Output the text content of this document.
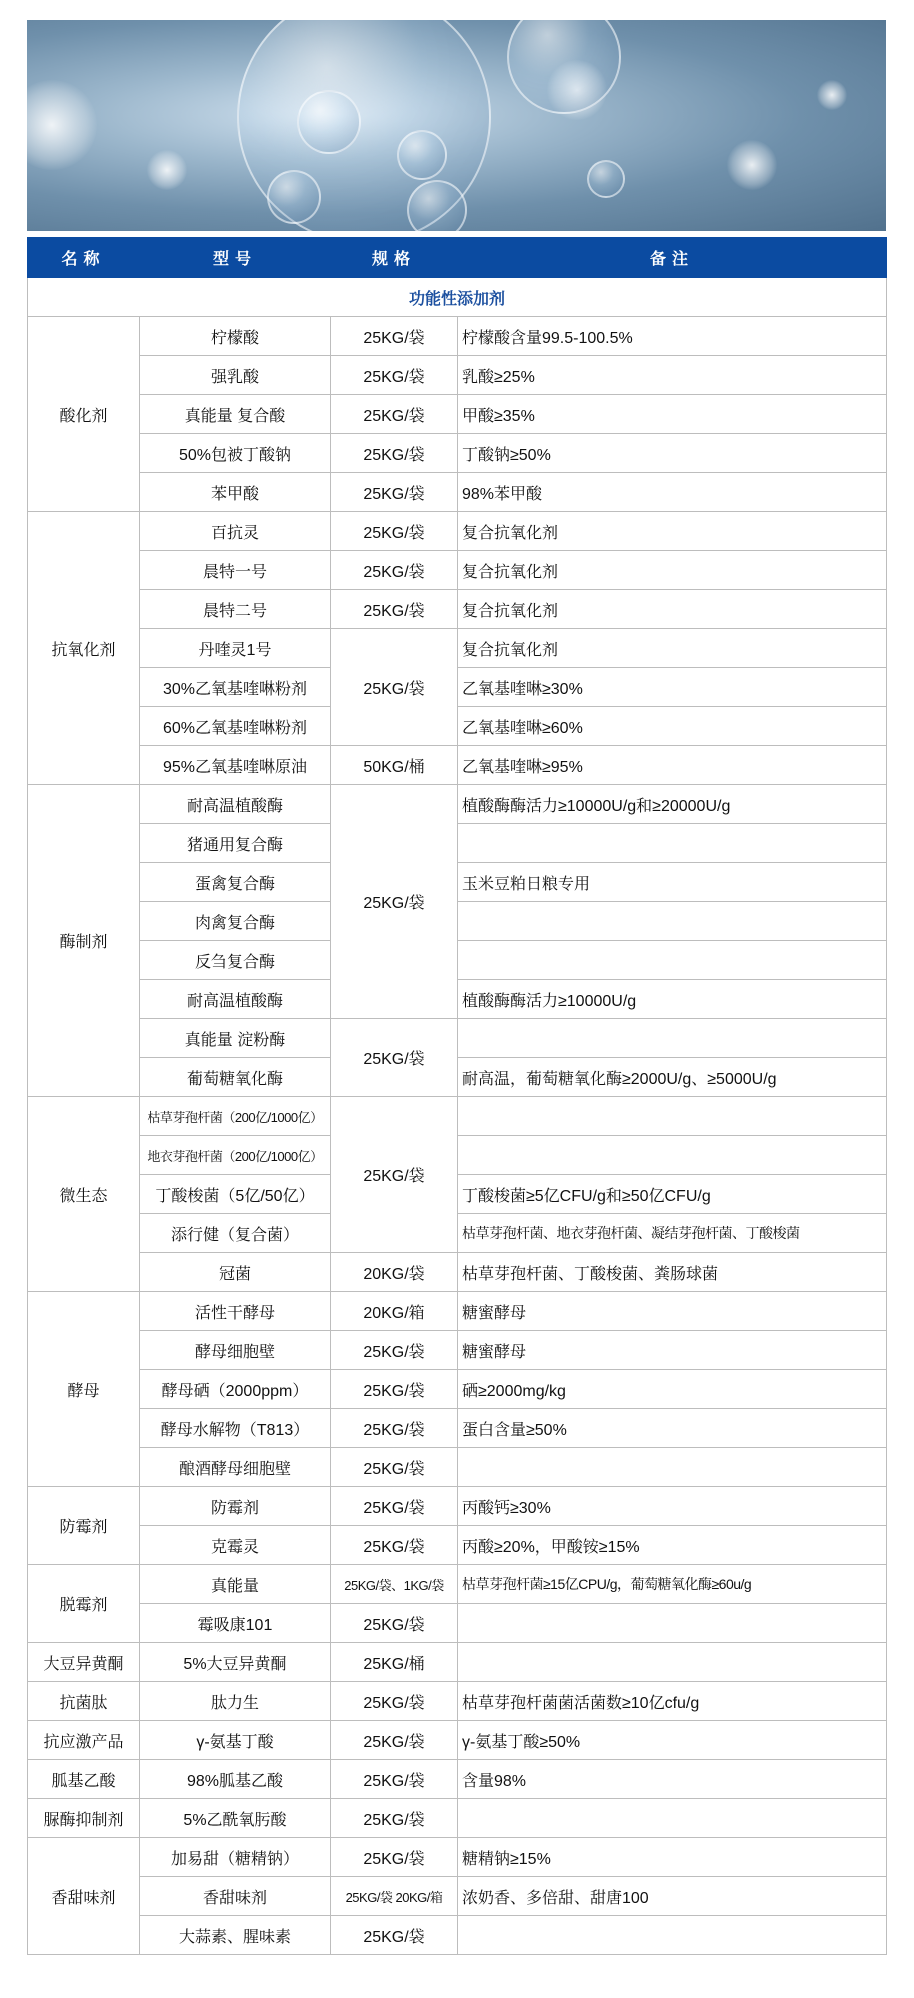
名称	型号	规格	备注
功能性添加剂			
酸化剂	柠檬酸	25KG/袋	柠檬酸含量99.5-100.5%
	强乳酸	25KG/袋	乳酸≥25%
	真能量 复合酸	25KG/袋	甲酸≥35%
	50%包被丁酸钠	25KG/袋	丁酸钠≥50%
	苯甲酸	25KG/袋	98%苯甲酸
抗氧化剂	百抗灵	25KG/袋	复合抗氧化剂
	晨特一号	25KG/袋	复合抗氧化剂
	晨特二号	25KG/袋	复合抗氧化剂
	丹喹灵1号	25KG/袋	复合抗氧化剂
	30%乙氧基喹啉粉剂		乙氧基喹啉≥30%
	60%乙氧基喹啉粉剂		乙氧基喹啉≥60%
	95%乙氧基喹啉原油	50KG/桶	乙氧基喹啉≥95%
酶制剂	耐高温植酸酶	25KG/袋	植酸酶酶活力≥10000U/g和≥20000U/g
	猪通用复合酶		
	蛋禽复合酶		玉米豆粕日粮专用
	肉禽复合酶		
	反刍复合酶		
	耐高温植酸酶		植酸酶酶活力≥10000U/g
	真能量 淀粉酶	25KG/袋	
	葡萄糖氧化酶		耐高温，葡萄糖氧化酶≥2000U/g、≥5000U/g
微生态	枯草芽孢杆菌（200亿/1000亿）	25KG/袋	
	地衣芽孢杆菌（200亿/1000亿）		
	丁酸梭菌（5亿/50亿）		丁酸梭菌≥5亿CFU/g和≥50亿CFU/g
	添行健（复合菌）		枯草芽孢杆菌、地衣芽孢杆菌、凝结芽孢杆菌、丁酸梭菌
	冠菌	20KG/袋	枯草芽孢杆菌、丁酸梭菌、粪肠球菌
酵母	活性干酵母	20KG/箱	糖蜜酵母
	酵母细胞壁	25KG/袋	糖蜜酵母
	酵母硒（2000ppm）	25KG/袋	硒≥2000mg/kg
	酵母水解物（T813）	25KG/袋	蛋白含量≥50%
	酿酒酵母细胞壁	25KG/袋	
防霉剂	防霉剂	25KG/袋	丙酸钙≥30%
	克霉灵	25KG/袋	丙酸≥20%，甲酸铵≥15%
脱霉剂	真能量	25KG/袋、1KG/袋	枯草芽孢杆菌≥15亿CPU/g，葡萄糖氧化酶≥60u/g
	霉吸康101	25KG/袋	
大豆异黄酮	5%大豆异黄酮	25KG/桶	
抗菌肽	肽力生	25KG/袋	枯草芽孢杆菌菌活菌数≥10亿cfu/g
抗应激产品	γ-氨基丁酸	25KG/袋	γ-氨基丁酸≥50%
胍基乙酸	98%胍基乙酸	25KG/袋	含量98%
脲酶抑制剂	5%乙酰氧肟酸	25KG/袋	
香甜味剂	加易甜（糖精钠）	25KG/袋	糖精钠≥15%
	香甜味剂	25KG/袋 20KG/箱	浓奶香、多倍甜、甜唐100
	大蒜素、腥味素	25KG/袋	
